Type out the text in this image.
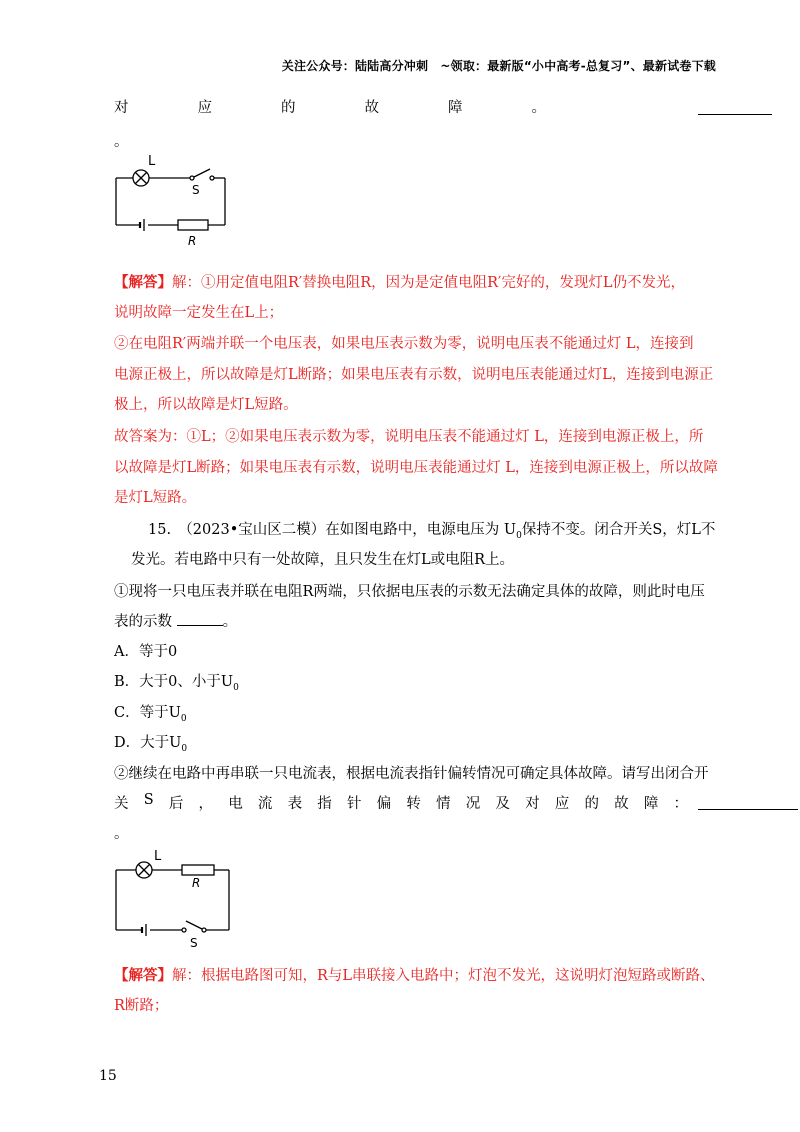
关注公众号：陆陆高分冲刺　~领取：最新版“小中高考-总复习”、最新试卷下载
对	应	的	故	障	。
。
L
S
R
【解答】解：①用定值电阻R′替换电阻R，因为是定值电阻R′完好的，发现灯L仍不发光，
说明故障一定发生在L上；
②在电阻R′两端并联一个电压表，如果电压表示数为零，说明电压表不能通过灯 L，连接到
电源正极上，所以故障是灯L断路；如果电压表有示数，说明电压表能通过灯L，连接到电源正
极上，所以故障是灯L短路。
故答案为：①L；②如果电压表示数为零，说明电压表不能通过灯 L，连接到电源正极上，所
以故障是灯L断路；如果电压表有示数，说明电压表能通过灯 L，连接到电源正极上，所以故障
是灯L短路。
15.　（2023•宝山区二模）在如图电路中，电源电压为 $U_0$保持不变。闭合开关S，灯L不
发光。若电路中只有一处故障，且只发生在灯L或电阻R上。
①现将一只电压表并联在电阻R两端，只依据电压表的示数无法确定具体的故障，则此时电压
表的示数	。
A．等于0
B．大于0、小于$U_0$
C．等于$U_0$
D．大于$U_0$
②继续在电路中再串联一只电流表，根据电流表指针偏转情况可确定具体故障。请写出闭合开
关 S 后 ， 电 流 表 指 针 偏 转 情 况 及 对 应 的 故 障 ：
。
L
R
S
【解答】解：根据电路图可知，R与L串联接入电路中；灯泡不发光，这说明灯泡短路或断路、
R断路；
15
